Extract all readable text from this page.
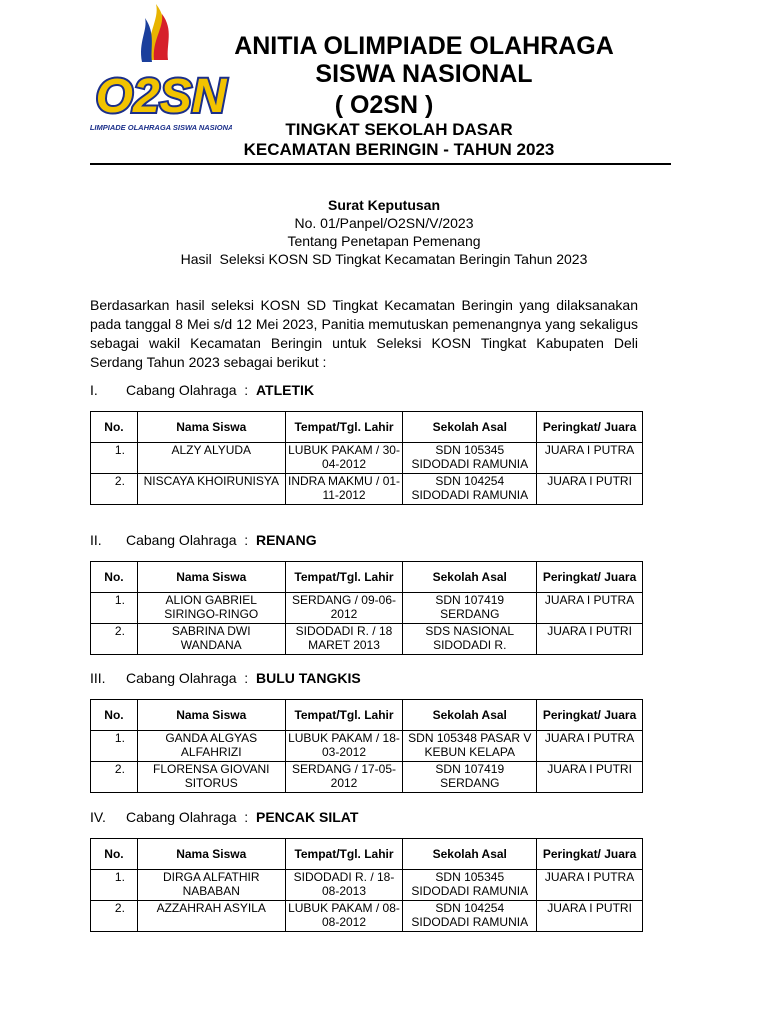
O2SN
OLIMPIADE OLAHRAGA SISWA NASIONAL
ANITIA OLIMPIADE OLAHRAGA
SISWA NASIONAL
( O2SN )
TINGKAT SEKOLAH DASAR
KECAMATAN BERINGIN - TAHUN 2023
Surat Keputusan
No. 01/Panpel/O2SN/V/2023
Tentang Penetapan Pemenang
Hasil  Seleksi KOSN SD Tingkat Kecamatan Beringin Tahun 2023
Berdasarkan hasil seleksi KOSN SD Tingkat Kecamatan Beringin yang dilaksanakan pada tanggal 8 Mei s/d 12 Mei 2023, Panitia memutuskan pemenangnya yang sekaligus sebagai wakil Kecamatan Beringin untuk Seleksi KOSN Tingkat Kabupaten Deli Serdang Tahun 2023 sebagai berikut :
I. Cabang Olahraga  :  ATLETIK
No.	Nama Siswa	Tempat/Tgl. Lahir	Sekolah Asal	Peringkat/ Juara
1.	ALZY ALYUDA	LUBUK PAKAM / 30-04-2012	SDN 105345 SIDODADI RAMUNIA	JUARA I PUTRA
2.	NISCAYA KHOIRUNISYA	INDRA MAKMU / 01-11-2012	SDN 104254 SIDODADI RAMUNIA	JUARA I PUTRI
II. Cabang Olahraga  :  RENANG
No.	Nama Siswa	Tempat/Tgl. Lahir	Sekolah Asal	Peringkat/ Juara
1.	ALION GABRIEL SIRINGO-RINGO	SERDANG / 09-06-2012	SDN 107419 SERDANG	JUARA I PUTRA
2.	SABRINA DWI WANDANA	SIDODADI R. / 18 MARET 2013	SDS NASIONAL SIDODADI R.	JUARA I PUTRI
III. Cabang Olahraga  :  BULU TANGKIS
No.	Nama Siswa	Tempat/Tgl. Lahir	Sekolah Asal	Peringkat/ Juara
1.	GANDA ALGYAS ALFAHRIZI	LUBUK PAKAM / 18-03-2012	SDN 105348 PASAR V KEBUN KELAPA	JUARA I PUTRA
2.	FLORENSA GIOVANI SITORUS	SERDANG / 17-05-2012	SDN 107419 SERDANG	JUARA I PUTRI
IV. Cabang Olahraga  :  PENCAK SILAT
No.	Nama Siswa	Tempat/Tgl. Lahir	Sekolah Asal	Peringkat/ Juara
1.	DIRGA ALFATHIR NABABAN	SIDODADI R. / 18-08-2013	SDN 105345 SIDODADI RAMUNIA	JUARA I PUTRA
2.	AZZAHRAH ASYILA	LUBUK PAKAM / 08-08-2012	SDN 104254 SIDODADI RAMUNIA	JUARA I PUTRI
